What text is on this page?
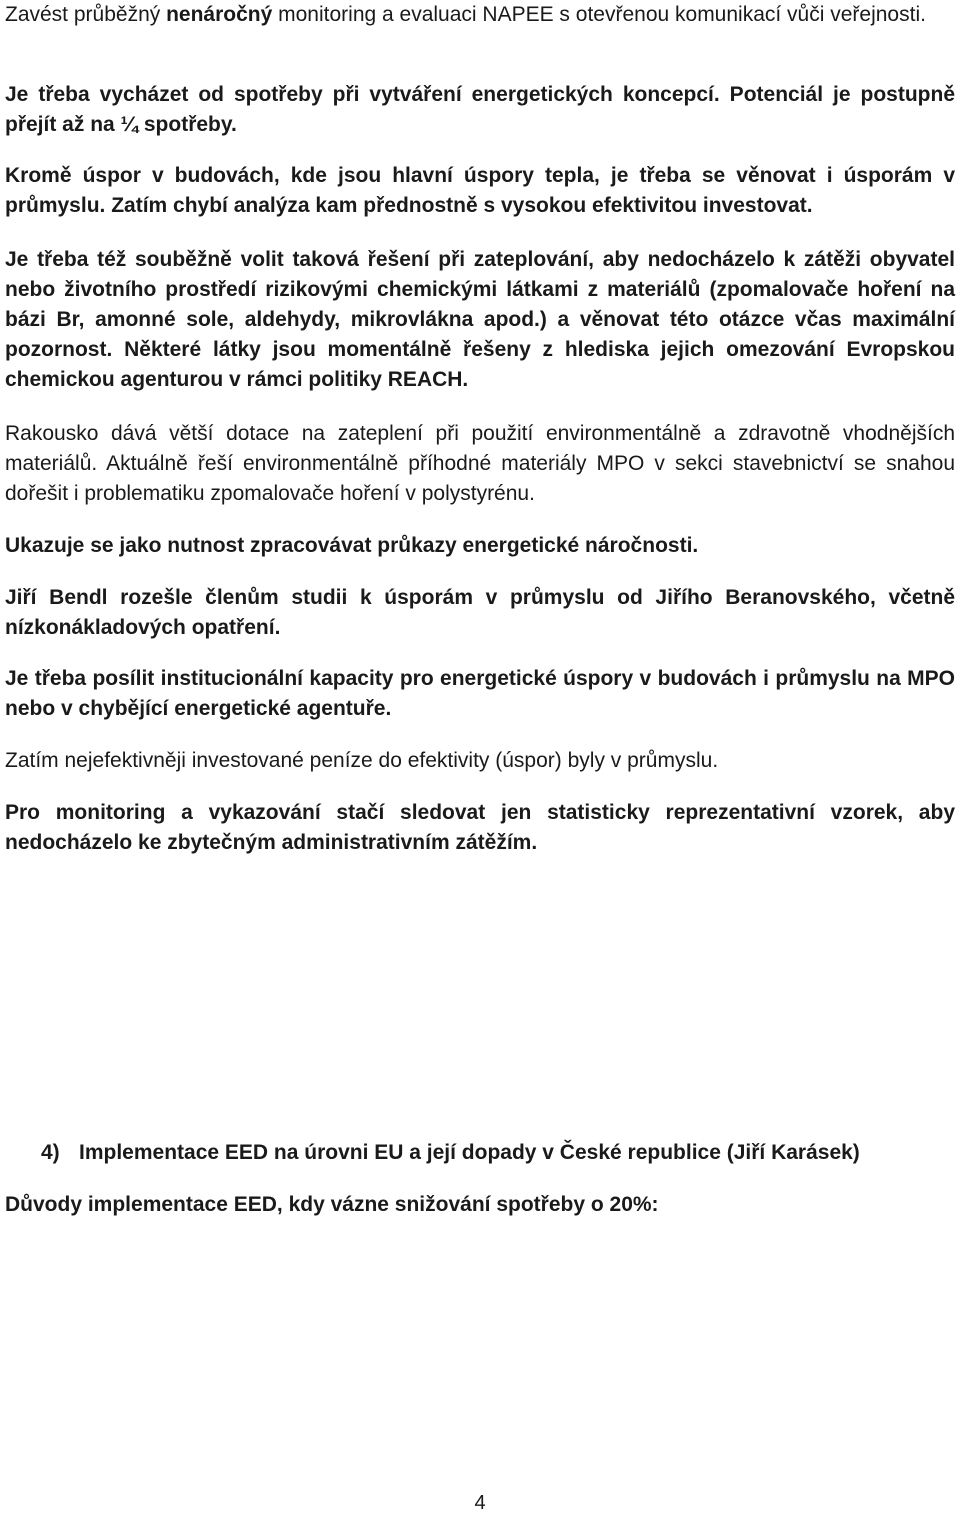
Zavést průběžný nenáročný monitoring a evaluaci NAPEE s otevřenou komunikací vůči veřejnosti.

Je třeba vycházet od spotřeby při vytváření energetických koncepcí. Potenciál je postupně přejít až na ¼ spotřeby.

Kromě úspor v budovách, kde jsou hlavní úspory tepla, je třeba se věnovat i úsporám v průmyslu. Zatím chybí analýza kam přednostně s vysokou efektivitou investovat.

Je třeba též souběžně volit taková řešení při zateplování, aby nedocházelo k zátěži obyvatel nebo životního prostředí rizikovými chemickými látkami z materiálů (zpomalovače hoření na bázi Br, amonné sole, aldehydy, mikrovlákna apod.) a věnovat této otázce včas maximální pozornost. Některé látky jsou momentálně řešeny z hlediska jejich omezování Evropskou chemickou agenturou v rámci politiky REACH.

Rakousko dává větší dotace na zateplení při použití environmentálně a zdravotně vhodnějších materiálů. Aktuálně řeší environmentálně příhodné materiály MPO v sekci stavebnictví se snahou dořešit i problematiku zpomalovače hoření v polystyrénu.

Ukazuje se jako nutnost zpracovávat průkazy energetické náročnosti.

Jiří Bendl rozešle členům studii k úsporám v průmyslu od Jiřího Beranovského, včetně nízkonákladových opatření.

Je třeba posílit institucionální kapacity pro energetické úspory v budovách i průmyslu na MPO nebo v chybějící energetické agentuře.

Zatím nejefektivněji investované peníze do efektivity (úspor) byly v průmyslu.

Pro monitoring a vykazování stačí sledovat jen statisticky reprezentativní vzorek, aby nedocházelo ke zbytečným administrativním zátěžím.

4) Implementace EED na úrovni EU a její dopady v České republice (Jiří Karásek)

Důvody implementace EED, kdy vázne snižování spotřeby o 20%:

4
